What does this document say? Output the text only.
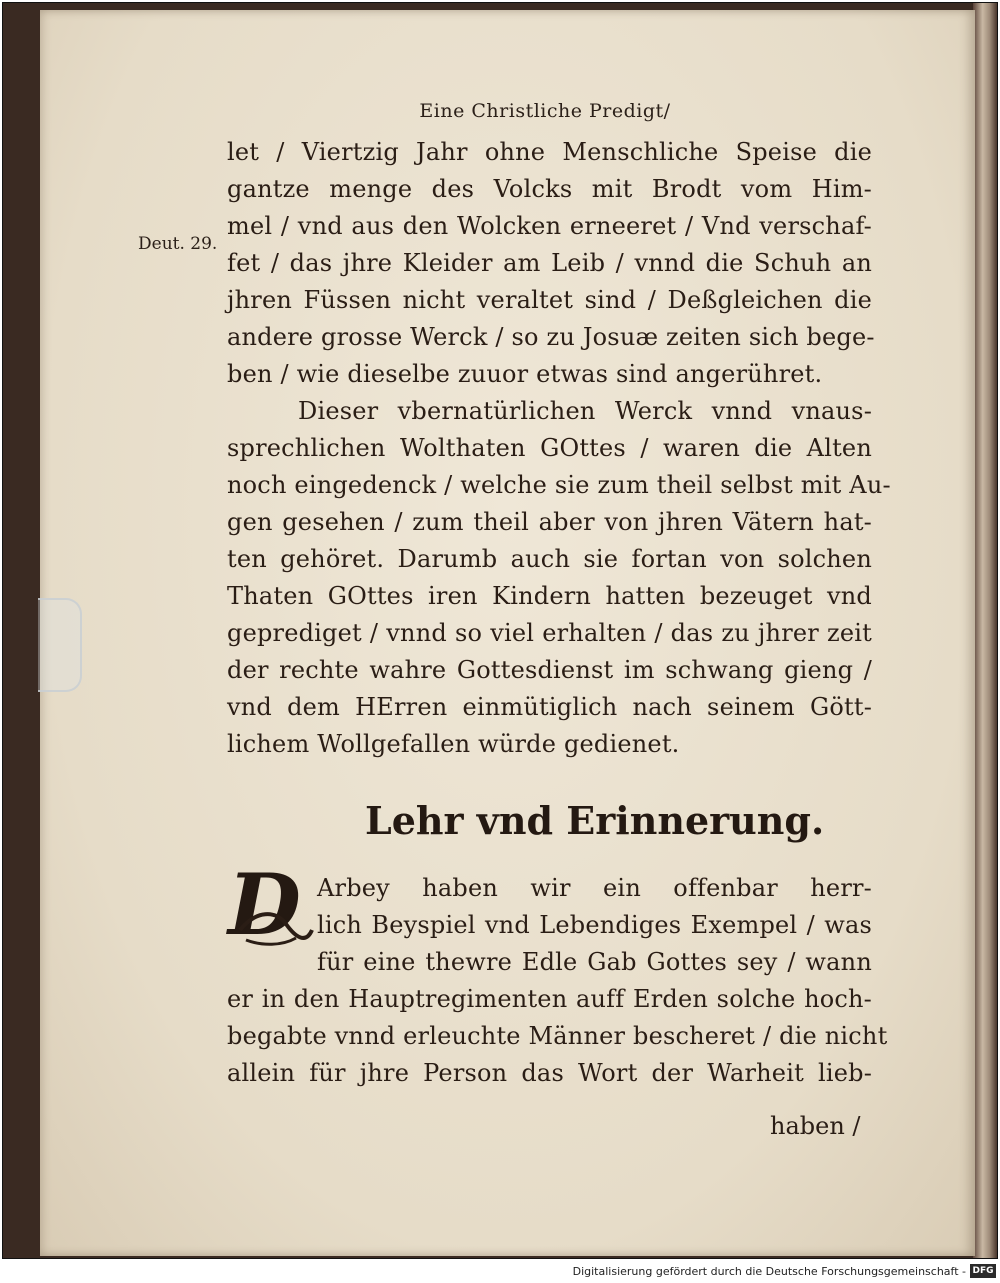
Eine Christliche Predigt/
Deut. 29.
let / Viertzig Jahr ohne Menschliche Speise die
gantze menge des Volcks mit Brodt vom Him-
mel / vnd aus den Wolcken erneeret / Vnd verschaf-
fet / das jhre Kleider am Leib / vnnd die Schuh an
jhren Füssen nicht veraltet sind / Deßgleichen die
andere grosse Werck / so zu Josuæ zeiten sich bege-
ben / wie dieselbe zuuor etwas sind angerühret.
Dieser vbernatürlichen Werck vnnd vnaus-
sprechlichen Wolthaten GOttes / waren die Alten
noch eingedenck / welche sie zum theil selbst mit Au-
gen gesehen / zum theil aber von jhren Vätern hat-
ten gehöret. Darumb auch sie fortan von solchen
Thaten GOttes iren Kindern hatten bezeuget vnd
geprediget / vnnd so viel erhalten / das zu jhrer zeit
der rechte wahre Gottesdienst im schwang gieng /
vnd dem HErren einmütiglich nach seinem Gött-
lichem Wollgefallen würde gedienet.
Lehr vnd Erinnerung.
D Arbey haben wir ein offenbar herr-
lich Beyspiel vnd Lebendiges Exempel / was
für eine thewre Edle Gab Gottes sey / wann
er in den Hauptregimenten auff Erden solche hoch-
begabte vnnd erleuchte Männer bescheret / die nicht
allein für jhre Person das Wort der Warheit lieb-
haben /
Digitalisierung gefördert durch die Deutsche Forschungsgemeinschaft - DFG
